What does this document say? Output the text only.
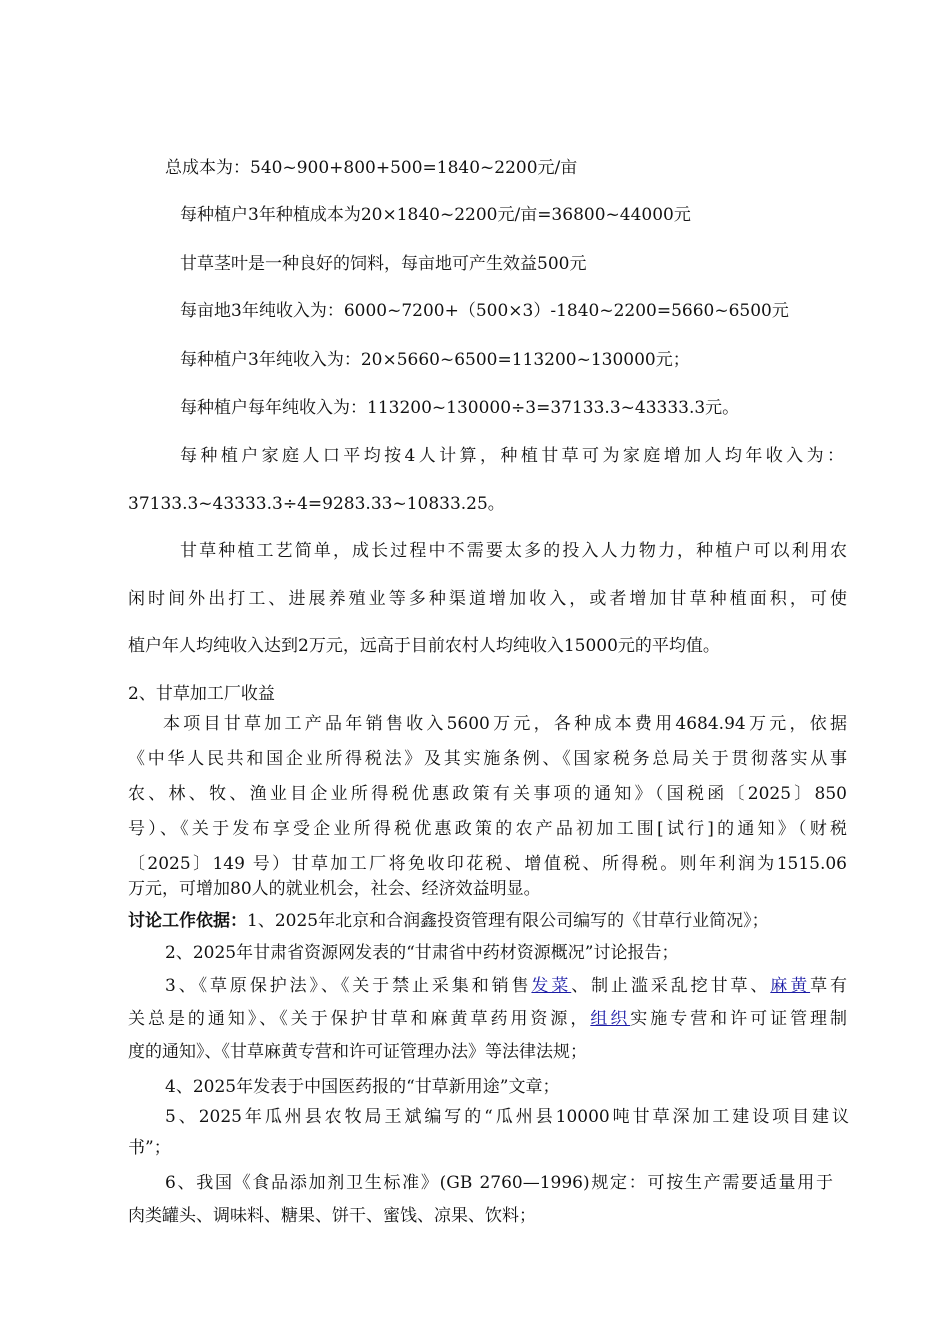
总成本为：540~900+800+500=1840~2200元/亩
每种植户3年种植成本为20×1840~2200元/亩=36800~44000元
甘草茎叶是一种良好的饲料，每亩地可产生效益500元
每亩地3年纯收入为：6000~7200+（500×3）-1840~2200=5660~6500元
每种植户3年纯收入为：20×5660~6500=113200~130000元；
每种植户每年纯收入为：113200~130000÷3=37133.3~43333.3元。
每种植户家庭人口平均按4人计算，种植甘草可为家庭增加人均年收入为：
37133.3~43333.3÷4=9283.33~10833.25。
甘草种植工艺简单，成长过程中不需要太多的投入人力物力，种植户可以利用农
闲时间外出打工、进展养殖业等多种渠道增加收入，或者增加甘草种植面积，可使
植户年人均纯收入达到2万元，远高于目前农村人均纯收入15000元的平均值。
2、甘草加工厂收益
本项目甘草加工产品年销售收入5600万元，各种成本费用4684.94万元，依据
《中华人民共和国企业所得税法》及其实施条例、《国家税务总局关于贯彻落实从事
农、林、牧、渔业目企业所得税优惠政策有关事项的通知》（国税函〔2025〕850
号）、《关于发布享受企业所得税优惠政策的农产品初加工围[试行]的通知》（财税
〔2025〕149 号）甘草加工厂将免收印花税、增值税、所得税。则年利润为1515.06
万元，可增加80人的就业机会，社会、经济效益明显。
讨论工作依据：1、2025年北京和合润鑫投资管理有限公司编写的《甘草行业简况》；
2、2025年甘肃省资源网发表的“甘肃省中药材资源概况”讨论报告；
3、《草原保护法》、《关于禁止采集和销售发菜、制止滥采乱挖甘草、麻黄草有
关总是的通知》、《关于保护甘草和麻黄草药用资源，组织实施专营和许可证管理制
度的通知》、《甘草麻黄专营和许可证管理办法》等法律法规；
4、2025年发表于中国医药报的“甘草新用途”文章；
5、2025年瓜州县农牧局王斌编写的“瓜州县10000吨甘草深加工建设项目建议
书”；
6、我国《食品添加剂卫生标准》(GB 2760—1996)规定：可按生产需要适量用于
肉类罐头、调味料、糖果、饼干、蜜饯、凉果、饮料；
